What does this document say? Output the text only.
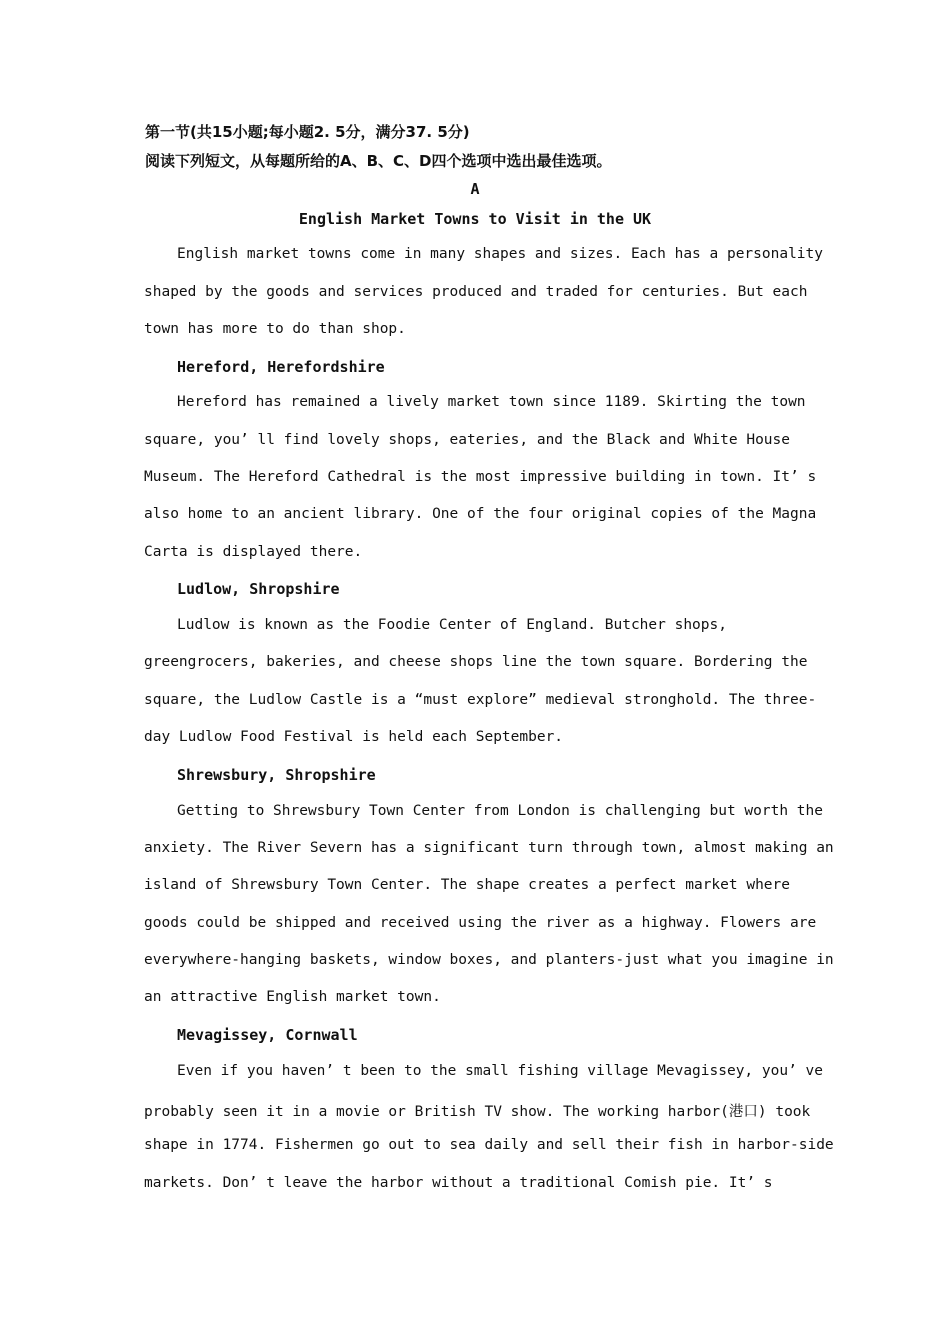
第一节(共15小题;每小题2. 5分，满分37. 5分)
阅读下列短文，从每题所给的A、B、C、D四个选项中选出最佳选项。
A
English Market Towns to Visit in the UK
English market towns come in many shapes and sizes. Each has a personality
shaped by the goods and services produced and traded for centuries. But each
town has more to do than shop.
Hereford, Herefordshire
Hereford has remained a lively market town since 1189. Skirting the town
square, you’ ll find lovely shops, eateries, and the Black and White House
Museum. The Hereford Cathedral is the most impressive building in town. It’ s
also home to an ancient library. One of the four original copies of the Magna
Carta is displayed there.
Ludlow, Shropshire
Ludlow is known as the Foodie Center of England. Butcher shops,
greengrocers, bakeries, and cheese shops line the town square. Bordering the
square, the Ludlow Castle is a “must explore” medieval stronghold. The three-
day Ludlow Food Festival is held each September.
Shrewsbury, Shropshire
Getting to Shrewsbury Town Center from London is challenging but worth the
anxiety. The River Severn has a significant turn through town, almost making an
island of Shrewsbury Town Center. The shape creates a perfect market where
goods could be shipped and received using the river as a highway. Flowers are
everywhere-hanging baskets, window boxes, and planters-just what you imagine in
an attractive English market town.
Mevagissey, Cornwall
Even if you haven’ t been to the small fishing village Mevagissey, you’ ve
probably seen it in a movie or British TV show. The working harbor(港口) took
shape in 1774. Fishermen go out to sea daily and sell their fish in harbor-side
markets. Don’ t leave the harbor without a traditional Comish pie. It’ s
